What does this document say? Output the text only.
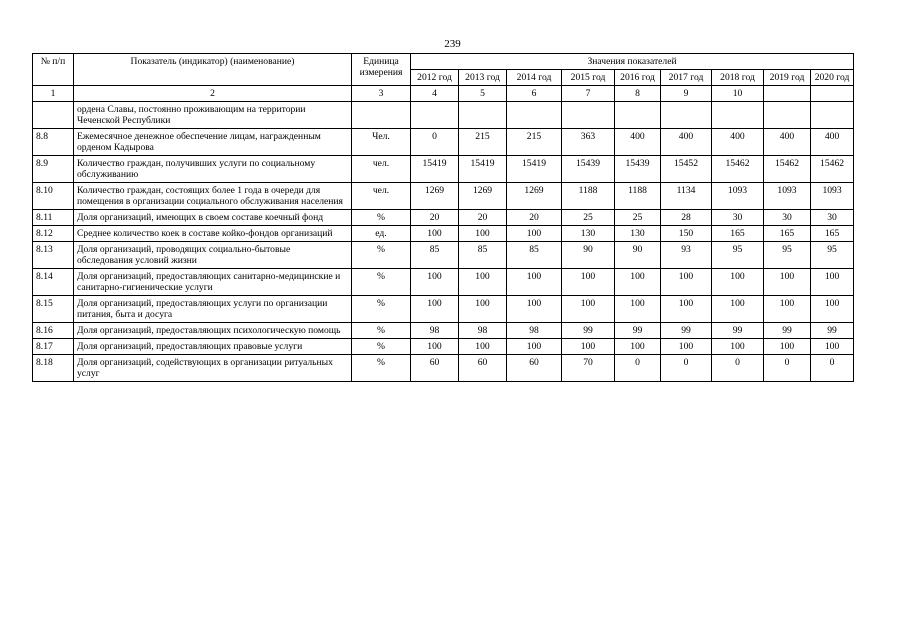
239
№ п/п	Показатель (индикатор) (наименование)	Единица измерения	Значения показателей								
			2012 год	2013 год	2014 год	2015 год	2016 год	2017 год	2018 год	2019 год	2020 год
1	2	3	4	5	6	7	8	9	10		
	ордена Славы, постоянно проживающим на территории Чеченской Республики										
8.8	Ежемесячное денежное обеспечение лицам, награжденным орденом Кадырова	Чел.	0	215	215	363	400	400	400	400	400
8.9	Количество граждан, получивших услуги по социальному обслуживанию	чел.	15419	15419	15419	15439	15439	15452	15462	15462	15462
8.10	Количество граждан, состоящих более 1 года в очереди для помещения в организации социального обслуживания населения	чел.	1269	1269	1269	1188	1188	1134	1093	1093	1093
8.11	Доля организаций, имеющих в своем составе коечный фонд	%	20	20	20	25	25	28	30	30	30
8.12	Среднее количество коек в составе койко-фондов организаций	ед.	100	100	100	130	130	150	165	165	165
8.13	Доля организаций, проводящих социально-бытовые обследования условий жизни	%	85	85	85	90	90	93	95	95	95
8.14	Доля организаций, предоставляющих санитарно-медицинские и санитарно-гигиенические услуги	%	100	100	100	100	100	100	100	100	100
8.15	Доля организаций, предоставляющих услуги по организации питания, быта и досуга	%	100	100	100	100	100	100	100	100	100
8.16	Доля организаций, предоставляющих психологическую помощь	%	98	98	98	99	99	99	99	99	99
8.17	Доля организаций, предоставляющих правовые услуги	%	100	100	100	100	100	100	100	100	100
8.18	Доля организаций, содействующих в организации ритуальных услуг	%	60	60	60	70	0	0	0	0	0
